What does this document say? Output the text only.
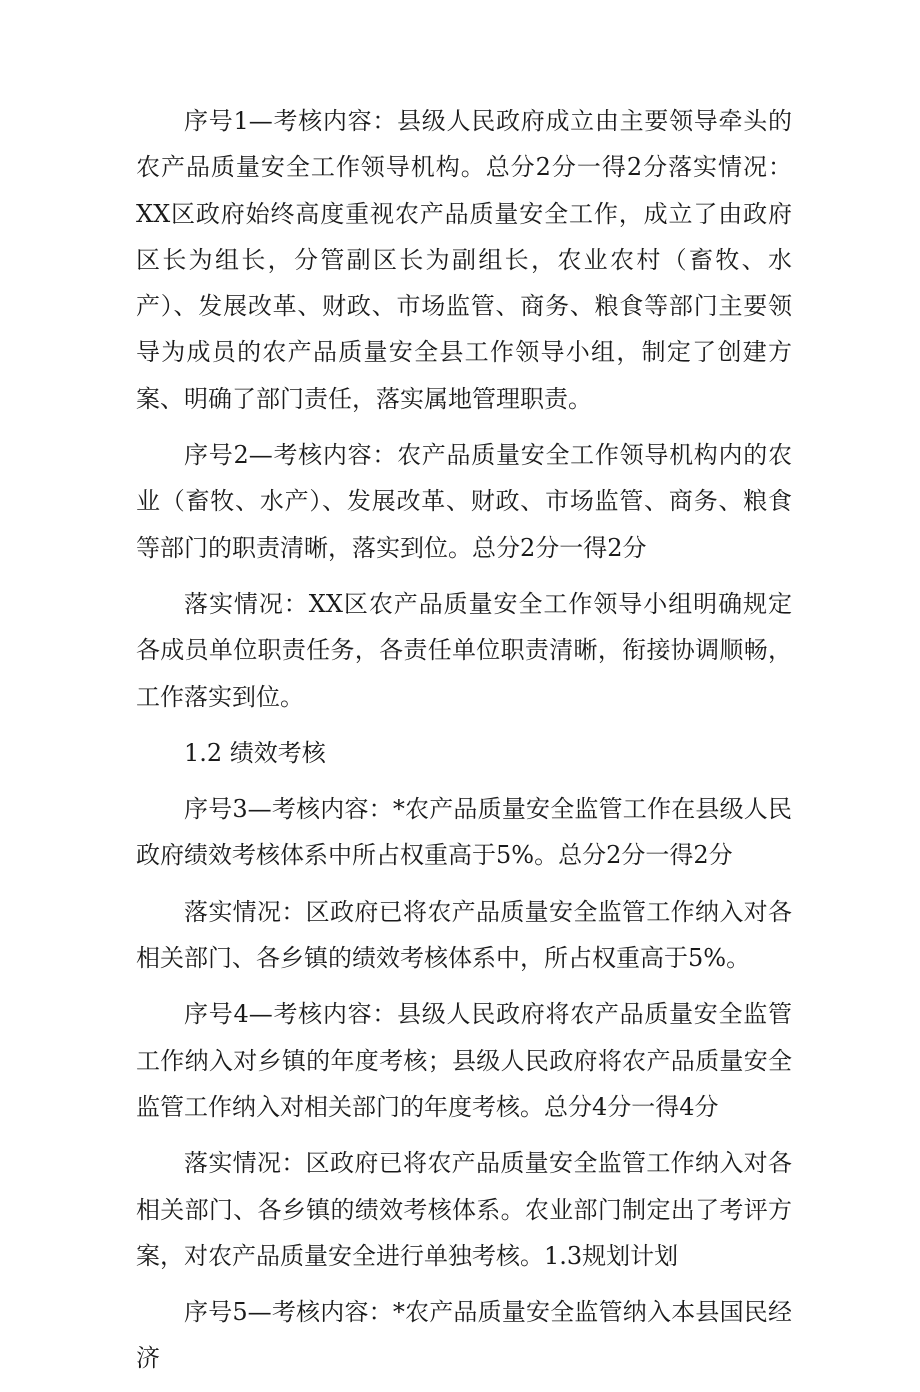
序号1—考核内容：县级人民政府成立由主要领导牵头的农产品质量安全工作领导机构。总分2分一得2分落实情况：XX区政府始终高度重视农产品质量安全工作，成立了由政府区长为组长，分管副区长为副组长，农业农村（畜牧、水产）、发展改革、财政、市场监管、商务、粮食等部门主要领导为成员的农产品质量安全县工作领导小组，制定了创建方案、明确了部门责任，落实属地管理职责。

序号2—考核内容：农产品质量安全工作领导机构内的农业（畜牧、水产）、发展改革、财政、市场监管、商务、粮食等部门的职责清晰，落实到位。总分2分一得2分

落实情况：XX区农产品质量安全工作领导小组明确规定各成员单位职责任务，各责任单位职责清晰，衔接协调顺畅，工作落实到位。

1.2 绩效考核

序号3—考核内容：*农产品质量安全监管工作在县级人民政府绩效考核体系中所占权重高于5%。总分2分一得2分

落实情况：区政府已将农产品质量安全监管工作纳入对各相关部门、各乡镇的绩效考核体系中，所占权重高于5%。

序号4—考核内容：县级人民政府将农产品质量安全监管工作纳入对乡镇的年度考核；县级人民政府将农产品质量安全监管工作纳入对相关部门的年度考核。总分4分一得4分

落实情况：区政府已将农产品质量安全监管工作纳入对各相关部门、各乡镇的绩效考核体系。农业部门制定出了考评方案，对农产品质量安全进行单独考核。1.3规划计划

序号5—考核内容：*农产品质量安全监管纳入本县国民经济
